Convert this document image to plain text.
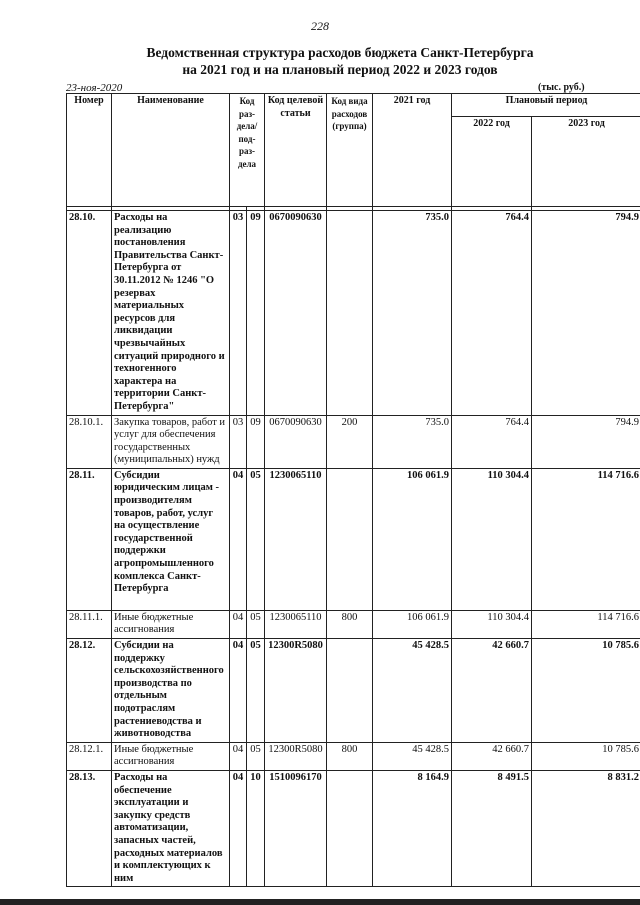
228
Ведомственная структура расходов бюджета Санкт-Петербурга
на 2021 год и на плановый период 2022 и 2023 годов
23-ноя-2020	(тыс. руб.)
Номер	Наименование	Код раз-дела/ под-раз-дела		Код целевой статьи	Код вида расходов (группа)	2021 год	Плановый период	
							2022 год	2023 год

28.10.	Расходы на реализацию постановления Правительства Санкт-Петербурга от 30.11.2012 № 1246 "О резервах материальных ресурсов для ликвидации чрезвычайных ситуаций природного и техногенного характера на территории Санкт-Петербурга"	03	09	0670090630		735.0	764.4	794.9
28.10.1.	Закупка товаров, работ и услуг для обеспечения государственных (муниципальных) нужд	03	09	0670090630	200	735.0	764.4	794.9
28.11.	Субсидии юридическим лицам - производителям товаров, работ, услуг на осуществление государственной поддержки агропромышленного комплекса Санкт-Петербурга	04	05	1230065110		106 061.9	110 304.4	114 716.6
28.11.1.	Иные бюджетные ассигнования	04	05	1230065110	800	106 061.9	110 304.4	114 716.6
28.12.	Субсидии на поддержку сельскохозяйственного производства по отдельным подотраслям растениеводства и животноводства	04	05	12300R5080		45 428.5	42 660.7	10 785.6
28.12.1.	Иные бюджетные ассигнования	04	05	12300R5080	800	45 428.5	42 660.7	10 785.6
28.13.	Расходы на обеспечение эксплуатации и закупку средств автоматизации, запасных частей, расходных материалов и комплектующих к ним	04	10	1510096170		8 164.9	8 491.5	8 831.2
